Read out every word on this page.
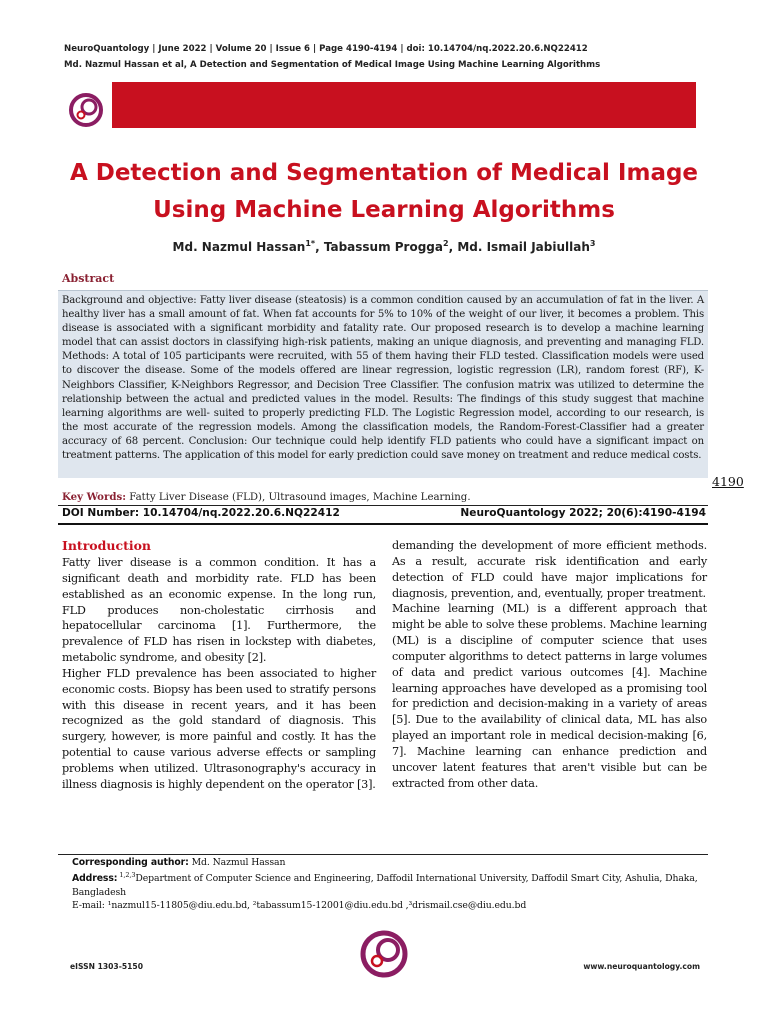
NeuroQuantology | June 2022 | Volume 20 | Issue 6 | Page 4190-4194 | doi: 10.14704/nq.2022.20.6.NQ22412
Md. Nazmul Hassan et al, A Detection and Segmentation of Medical Image Using Machine Learning Algorithms
A Detection and Segmentation of Medical Image
Using Machine Learning Algorithms
Md. Nazmul Hassan$^{1*}$, Tabassum Progga$^2$, Md. Ismail Jabiullah$^3$
Abstract
Background and objective: Fatty liver disease (steatosis) is a common condition caused by an accumulation of fat in the liver. A healthy liver has a small amount of fat. When fat accounts for 5% to 10% of the weight of our liver, it becomes a problem. This disease is associated with a significant morbidity and fatality rate. Our proposed research is to develop a machine learning model that can assist doctors in classifying high-risk patients, making an unique diagnosis, and preventing and managing FLD. Methods: A total of 105 participants were recruited, with 55 of them having their FLD tested. Classification models were used to discover the disease. Some of the models offered are linear regression, logistic regression (LR), random forest (RF), K-Neighbors Classifier, K-Neighbors Regressor, and Decision Tree Classifier. The confusion matrix was utilized to determine the relationship between the actual and predicted values in the model. Results: The findings of this study suggest that machine learning algorithms are well- suited to properly predicting FLD. The Logistic Regression model, according to our research, is the most accurate of the regression models. Among the classification models, the Random-Forest-Classifier had a greater accuracy of 68 percent. Conclusion: Our technique could help identify FLD patients who could have a significant impact on treatment patterns. The application of this model for early prediction could save money on treatment and reduce medical costs.
4190
Key Words: Fatty Liver Disease (FLD), Ultrasound images, Machine Learning.
DOI Number: 10.14704/nq.2022.20.6.NQ22412	NeuroQuantology 2022; 20(6):4190-4194
Introduction

Fatty liver disease is a common condition. It has a significant death and morbidity rate. FLD has been established as an economic expense. In the long run, FLD produces non-cholestatic cirrhosis and hepatocellular carcinoma [1]. Furthermore, the prevalence of FLD has risen in lockstep with diabetes, metabolic syndrome, and obesity [2].

Higher FLD prevalence has been associated to higher economic costs. Biopsy has been used to stratify persons with this disease in recent years, and it has been recognized as the gold standard of diagnosis. This surgery, however, is more painful and costly. It has the potential to cause various adverse effects or sampling problems when utilized. Ultrasonography's accuracy in illness diagnosis is highly dependent on the operator [3].

demanding the development of more efficient methods. As a result, accurate risk identification and early detection of FLD could have major implications for diagnosis, prevention, and, eventually, proper treatment.

Machine learning (ML) is a different approach that might be able to solve these problems. Machine learning (ML) is a discipline of computer science that uses computer algorithms to detect patterns in large volumes of data and predict various outcomes [4]. Machine learning approaches have developed as a promising tool for prediction and decision-making in a variety of areas [5]. Due to the availability of clinical data, ML has also played an important role in medical decision-making [6, 7]. Machine learning can enhance prediction and uncover latent features that aren't visible but can be extracted from other data.

Corresponding author: Md. Nazmul Hassan

Address: $^{1,2,3}$Department of Computer Science and Engineering, Daffodil International University, Daffodil Smart City, Ashulia, Dhaka, Bangladesh

E-mail: ¹nazmul15-11805@diu.edu.bd, ²tabassum15-12001@diu.edu.bd ,³drismail.cse@diu.edu.bd

eISSN 1303-5150	www.neuroquantology.com
